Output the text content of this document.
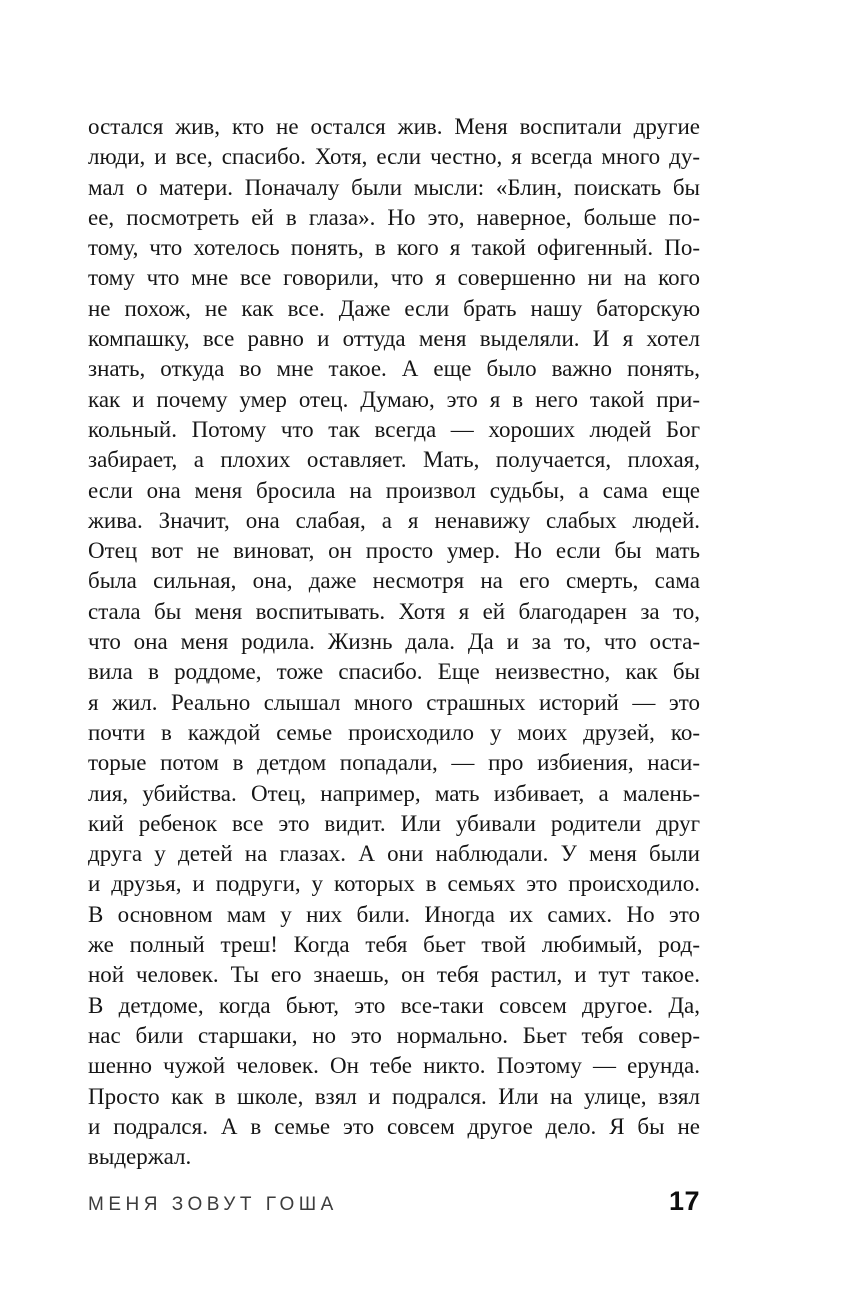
остался жив, кто не остался жив. Меня воспитали другие
люди, и все, спасибо. Хотя, если честно, я всегда много ду-
мал о матери. Поначалу были мысли: «Блин, поискать бы
ее, посмотреть ей в глаза». Но это, наверное, больше по-
тому, что хотелось понять, в кого я такой офигенный. По-
тому что мне все говорили, что я совершенно ни на кого
не похож, не как все. Даже если брать нашу баторскую
компашку, все равно и оттуда меня выделяли. И я хотел
знать, откуда во мне такое. А еще было важно понять,
как и почему умер отец. Думаю, это я в него такой при-
кольный. Потому что так всегда — хороших людей Бог
забирает, а плохих оставляет. Мать, получается, плохая,
если она меня бросила на произвол судьбы, а сама еще
жива. Значит, она слабая, а я ненавижу слабых людей.
Отец вот не виноват, он просто умер. Но если бы мать
была сильная, она, даже несмотря на его смерть, сама
стала бы меня воспитывать. Хотя я ей благодарен за то,
что она меня родила. Жизнь дала. Да и за то, что оста-
вила в роддоме, тоже спасибо. Еще неизвестно, как бы
я жил. Реально слышал много страшных историй — это
почти в каждой семье происходило у моих друзей, ко-
торые потом в детдом попадали, — про избиения, наси-
лия, убийства. Отец, например, мать избивает, а малень-
кий ребенок все это видит. Или убивали родители друг
друга у детей на глазах. А они наблюдали. У меня были
и друзья, и подруги, у которых в семьях это происходило.
В основном мам у них били. Иногда их самих. Но это
же полный треш! Когда тебя бьет твой любимый, род-
ной человек. Ты его знаешь, он тебя растил, и тут такое.
В детдоме, когда бьют, это все-таки совсем другое. Да,
нас били старшаки, но это нормально. Бьет тебя совер-
шенно чужой человек. Он тебе никто. Поэтому — ерунда.
Просто как в школе, взял и подрался. Или на улице, взял
и подрался. А в семье это совсем другое дело. Я бы не
выдержал.
МЕНЯ ЗОВУТ ГОША	17
